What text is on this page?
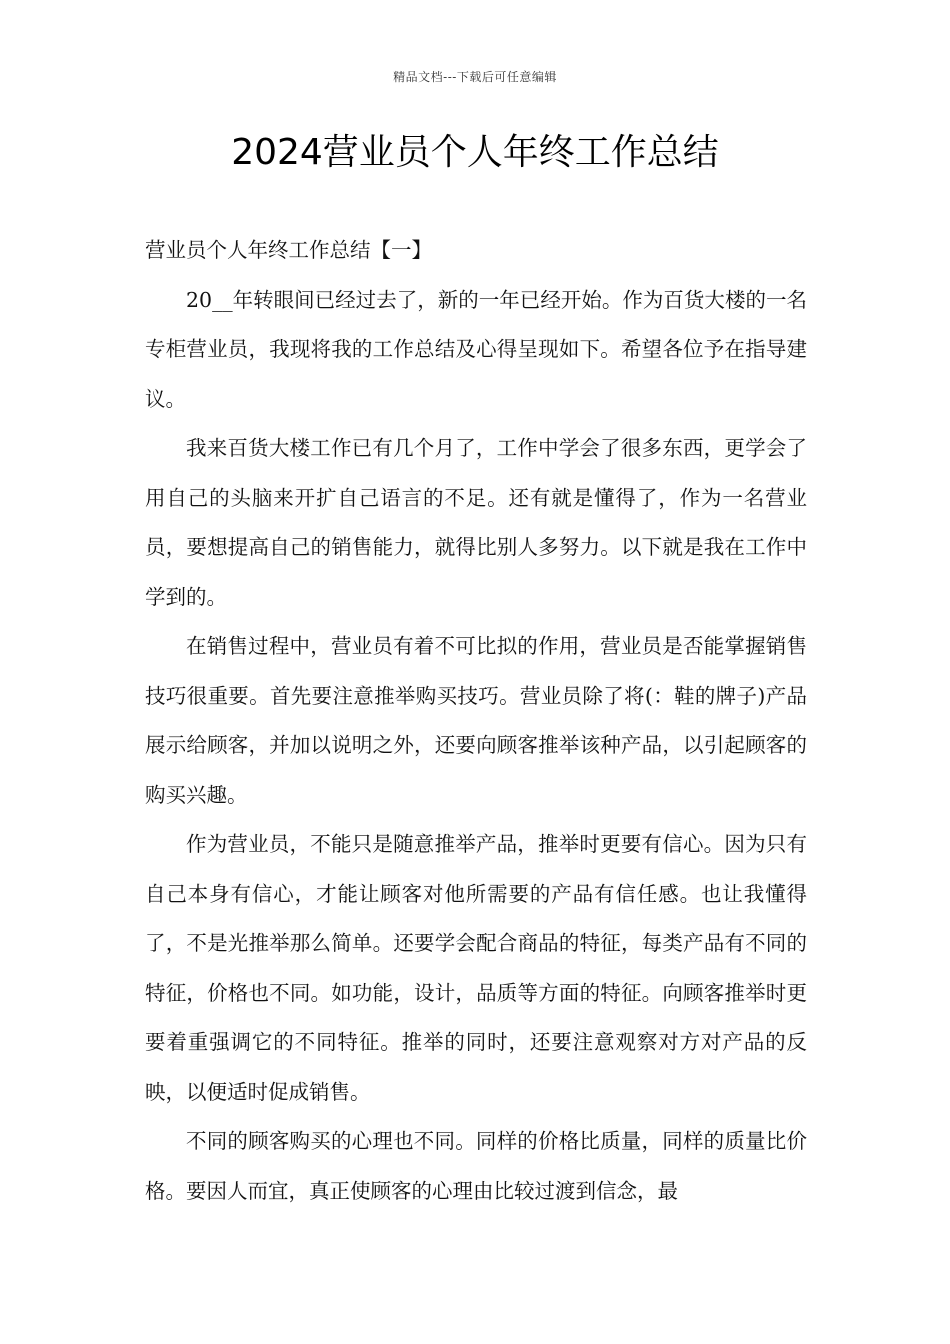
精品文档---下载后可任意编辑
2024营业员个人年终工作总结

营业员个人年终工作总结【一】

20__年转眼间已经过去了，新的一年已经开始。作为百货大楼的一名专柜营业员，我现将我的工作总结及心得呈现如下。希望各位予在指导建议。

我来百货大楼工作已有几个月了，工作中学会了很多东西，更学会了用自己的头脑来开扩自己语言的不足。还有就是懂得了，作为一名营业员，要想提高自己的销售能力，就得比别人多努力。以下就是我在工作中学到的。

在销售过程中，营业员有着不可比拟的作用，营业员是否能掌握销售技巧很重要。首先要注意推举购买技巧。营业员除了将(：鞋的牌子)产品展示给顾客，并加以说明之外，还要向顾客推举该种产品，以引起顾客的购买兴趣。

作为营业员，不能只是随意推举产品，推举时更要有信心。因为只有自己本身有信心，才能让顾客对他所需要的产品有信任感。也让我懂得了，不是光推举那么简单。还要学会配合商品的特征，每类产品有不同的特征，价格也不同。如功能，设计，品质等方面的特征。向顾客推举时更要着重强调它的不同特征。推举的同时，还要注意观察对方对产品的反映，以便适时促成销售。

不同的顾客购买的心理也不同。同样的价格比质量，同样的质量比价格。要因人而宜，真正使顾客的心理由比较过渡到信念，最
